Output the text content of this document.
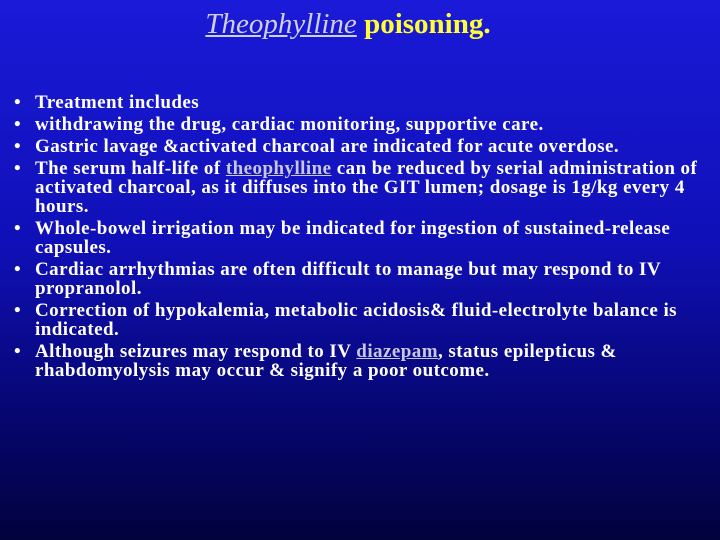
Theophylline poisoning.
• Treatment includes
• withdrawing the drug, cardiac monitoring, supportive care.
• Gastric lavage &activated charcoal are indicated for acute overdose.
• The serum half-life of theophylline can be reduced by serial administration of activated charcoal, as it diffuses into the GIT lumen; dosage is 1g/kg every 4 hours.
• Whole-bowel irrigation may be indicated for ingestion of sustained-release capsules.
• Cardiac arrhythmias are often difficult to manage but may respond to IV propranolol.
• Correction of hypokalemia, metabolic acidosis& fluid-electrolyte balance is indicated.
• Although seizures may respond to IV diazepam, status epilepticus & rhabdomyolysis may occur & signify a poor outcome.
